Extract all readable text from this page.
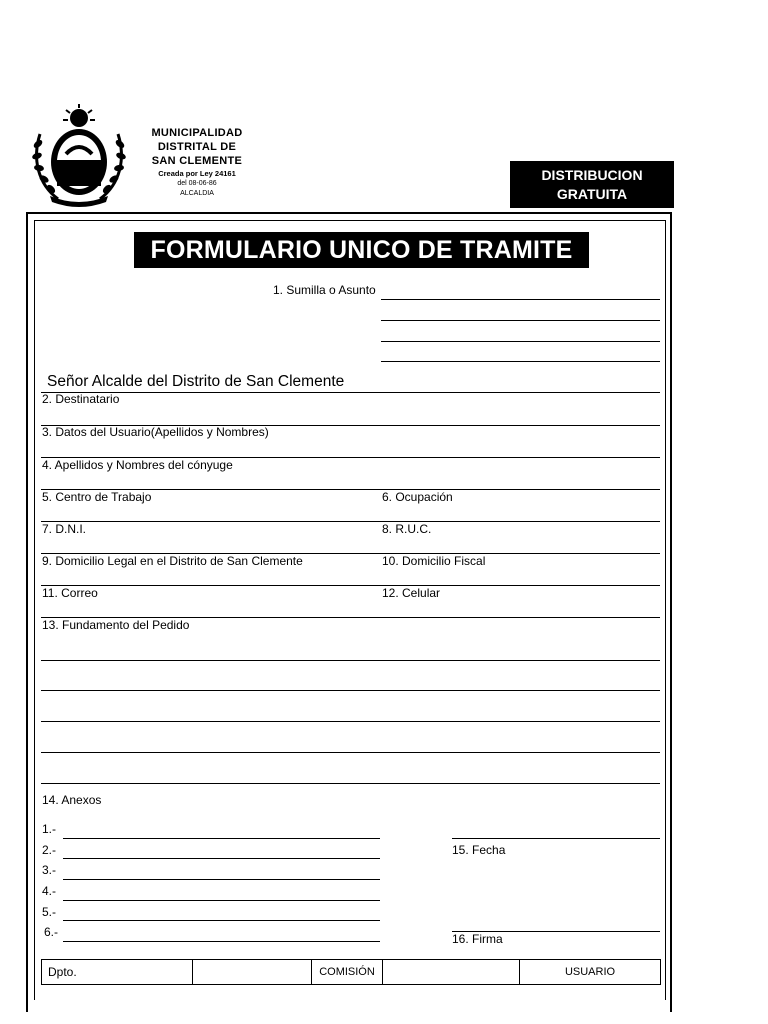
MUNICIPALIDAD
DISTRITAL DE
SAN CLEMENTE
Creada por Ley 24161
del 08-06-86
ALCALDIA
DISTRIBUCION
GRATUITA
FORMULARIO UNICO DE TRAMITE
1. Sumilla o Asunto
Señor Alcalde del Distrito de San Clemente
2. Destinatario
3. Datos del Usuario(Apellidos y Nombres)
4. Apellidos y Nombres del cónyuge
5. Centro de Trabajo	6. Ocupación
7. D.N.I.	8. R.U.C.
9. Domicilio Legal en el Distrito de San Clemente	10. Domicilio Fiscal
11. Correo	12. Celular
13. Fundamento del Pedido
14. Anexos
1.-
2.-
3.-
4.-
5.-
6.-
15. Fecha
16. Firma
Dpto.		COMISIÓN		USUARIO
